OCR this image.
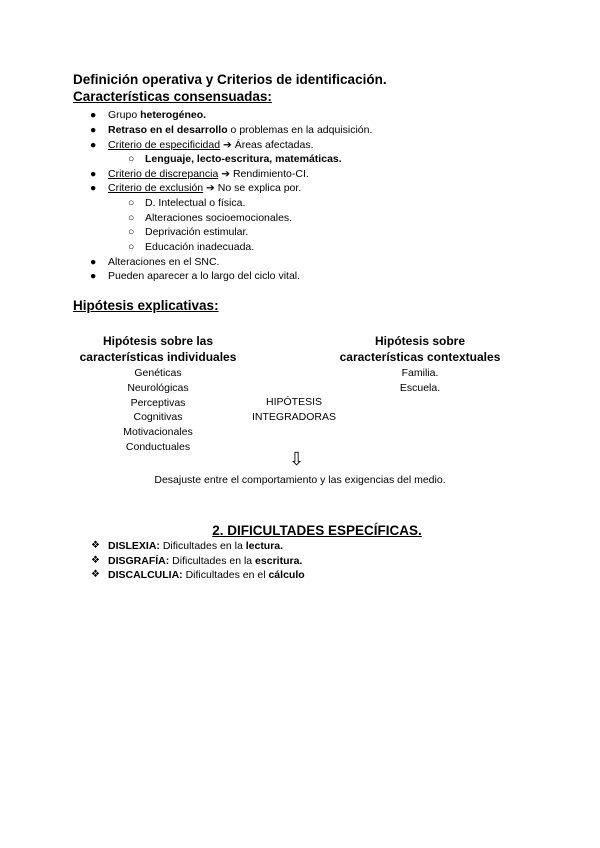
Definición operativa y Criterios de identificación.
Características consensuadas:
● Grupo heterogéneo.
● Retraso en el desarrollo o problemas en la adquisición.
● Criterio de especificidad ➔ Áreas afectadas.
○ Lenguaje, lecto-escritura, matemáticas.
● Criterio de discrepancia ➔ Rendimiento-CI.
● Criterio de exclusión ➔ No se explica por.
○ D. Intelectual o física.
○ Alteraciones socioemocionales.
○ Deprivación estimular.
○ Educación inadecuada.
● Alteraciones en el SNC.
● Pueden aparecer a lo largo del ciclo vital.
Hipótesis explicativas:
Hipótesis sobre las
características individuales
Genéticas
Neurológicas
Perceptivas
Cognitivas
Motivacionales
Conductuales
Hipótesis sobre
características contextuales
Familia.
Escuela.
HIPÓTESIS
INTEGRADORAS
⇩
Desajuste entre el comportamiento y las exigencias del medio.
2. DIFICULTADES ESPECÍFICAS.
❖ DISLEXIA: Dificultades en la lectura.
❖ DISGRAFÍA: Dificultades en la escritura.
❖ DISCALCULIA: Dificultades en el cálculo
